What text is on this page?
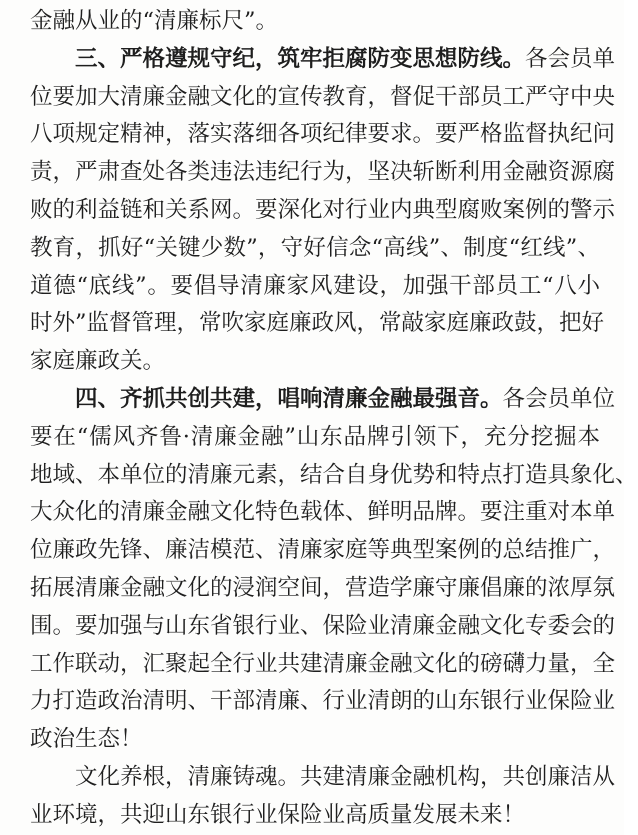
金融从业的“清廉标尺”。
三、严格遵规守纪，筑牢拒腐防变思想防线。各会员单
位要加大清廉金融文化的宣传教育，督促干部员工严守中央
八项规定精神，落实落细各项纪律要求。要严格监督执纪问
责，严肃查处各类违法违纪行为，坚决斩断利用金融资源腐
败的利益链和关系网。要深化对行业内典型腐败案例的警示
教育，抓好“关键少数”，守好信念“高线”、制度“红线”、
道德“底线”。要倡导清廉家风建设，加强干部员工“八小
时外”监督管理，常吹家庭廉政风，常敲家庭廉政鼓，把好
家庭廉政关。
四、齐抓共创共建，唱响清廉金融最强音。各会员单位
要在“儒风齐鲁·清廉金融”山东品牌引领下，充分挖掘本
地域、本单位的清廉元素，结合自身优势和特点打造具象化、
大众化的清廉金融文化特色载体、鲜明品牌。要注重对本单
位廉政先锋、廉洁模范、清廉家庭等典型案例的总结推广，
拓展清廉金融文化的浸润空间，营造学廉守廉倡廉的浓厚氛
围。要加强与山东省银行业、保险业清廉金融文化专委会的
工作联动，汇聚起全行业共建清廉金融文化的磅礴力量，全
力打造政治清明、干部清廉、行业清朗的山东银行业保险业
政治生态！
文化养根，清廉铸魂。共建清廉金融机构，共创廉洁从
业环境，共迎山东银行业保险业高质量发展未来！
